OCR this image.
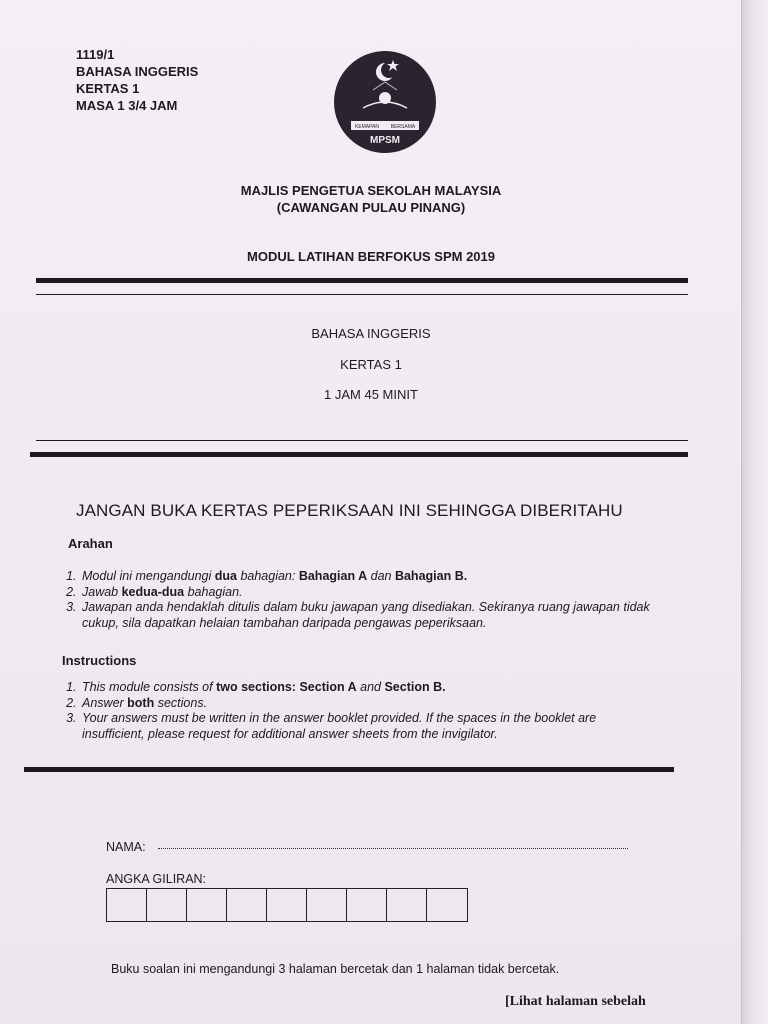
1119/1
BAHASA INGGERIS
KERTAS 1
MASA 1 3/4 JAM
KEMAPAN BERSAMA
MPSM
MAJLIS PENGETUA SEKOLAH MALAYSIA
(CAWANGAN PULAU PINANG)
MODUL LATIHAN BERFOKUS SPM 2019
BAHASA INGGERIS
KERTAS 1
1 JAM 45 MINIT
JANGAN BUKA KERTAS PEPERIKSAAN INI SEHINGGA DIBERITAHU
Arahan
1. Modul ini mengandungi dua bahagian: Bahagian A dan Bahagian B.
2. Jawab kedua-dua bahagian.
3. Jawapan anda hendaklah ditulis dalam buku jawapan yang disediakan. Sekiranya ruang jawapan tidak cukup, sila dapatkan helaian tambahan daripada pengawas peperiksaan.
Instructions
1. This module consists of two sections: Section A and Section B.
2. Answer both sections.
3. Your answers must be written in the answer booklet provided. If the spaces in the booklet are insufficient, please request for additional answer sheets from the invigilator.
NAMA:
ANGKA GILIRAN:
Buku soalan ini mengandungi 3 halaman bercetak dan 1 halaman tidak bercetak.
[Lihat halaman sebelah
